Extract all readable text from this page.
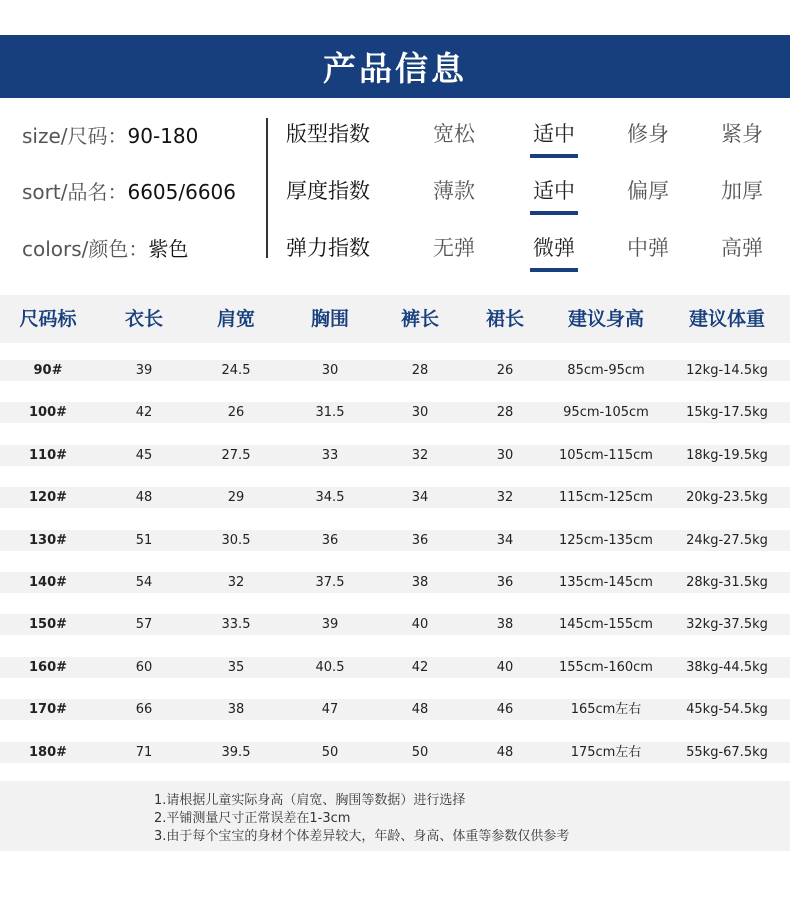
产品信息
size/尺码：90-180
sort/品名：6605/6606
colors/颜色：紫色
版型指数	宽松	适中	修身	紧身
厚度指数	薄款	适中	偏厚	加厚
弹力指数	无弹	微弹	中弹	高弹
尺码标	衣长	肩宽	胸围	裤长	裙长	建议身高	建议体重
90#	39	24.5	30	28	26	85cm-95cm	12kg-14.5kg
100#	42	26	31.5	30	28	95cm-105cm	15kg-17.5kg
110#	45	27.5	33	32	30	105cm-115cm	18kg-19.5kg
120#	48	29	34.5	34	32	115cm-125cm	20kg-23.5kg
130#	51	30.5	36	36	34	125cm-135cm	24kg-27.5kg
140#	54	32	37.5	38	36	135cm-145cm	28kg-31.5kg
150#	57	33.5	39	40	38	145cm-155cm	32kg-37.5kg
160#	60	35	40.5	42	40	155cm-160cm	38kg-44.5kg
170#	66	38	47	48	46	165cm左右	45kg-54.5kg
180#	71	39.5	50	50	48	175cm左右	55kg-67.5kg
1.请根据儿童实际身高（肩宽、胸围等数据）进行选择
2.平铺测量尺寸正常误差在1-3cm
3.由于每个宝宝的身材个体差异较大，年龄、身高、体重等参数仅供参考
